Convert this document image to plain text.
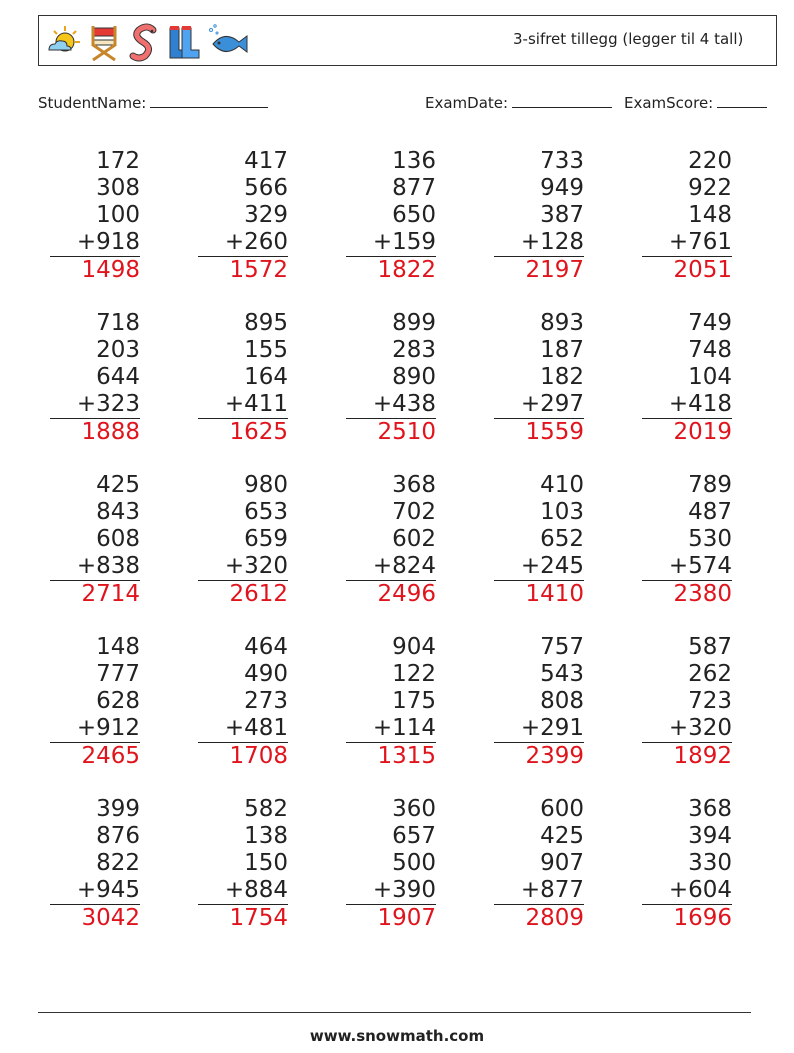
3-sifret tillegg (legger til 4 tall)
StudentName:	ExamDate:	ExamScore:
172
308
100
+918
1498
417
566
329
+260
1572
136
877
650
+159
1822
733
949
387
+128
2197
220
922
148
+761
2051
718
203
644
+323
1888
895
155
164
+411
1625
899
283
890
+438
2510
893
187
182
+297
1559
749
748
104
+418
2019
425
843
608
+838
2714
980
653
659
+320
2612
368
702
602
+824
2496
410
103
652
+245
1410
789
487
530
+574
2380
148
777
628
+912
2465
464
490
273
+481
1708
904
122
175
+114
1315
757
543
808
+291
2399
587
262
723
+320
1892
399
876
822
+945
3042
582
138
150
+884
1754
360
657
500
+390
1907
600
425
907
+877
2809
368
394
330
+604
1696
www.snowmath.com
